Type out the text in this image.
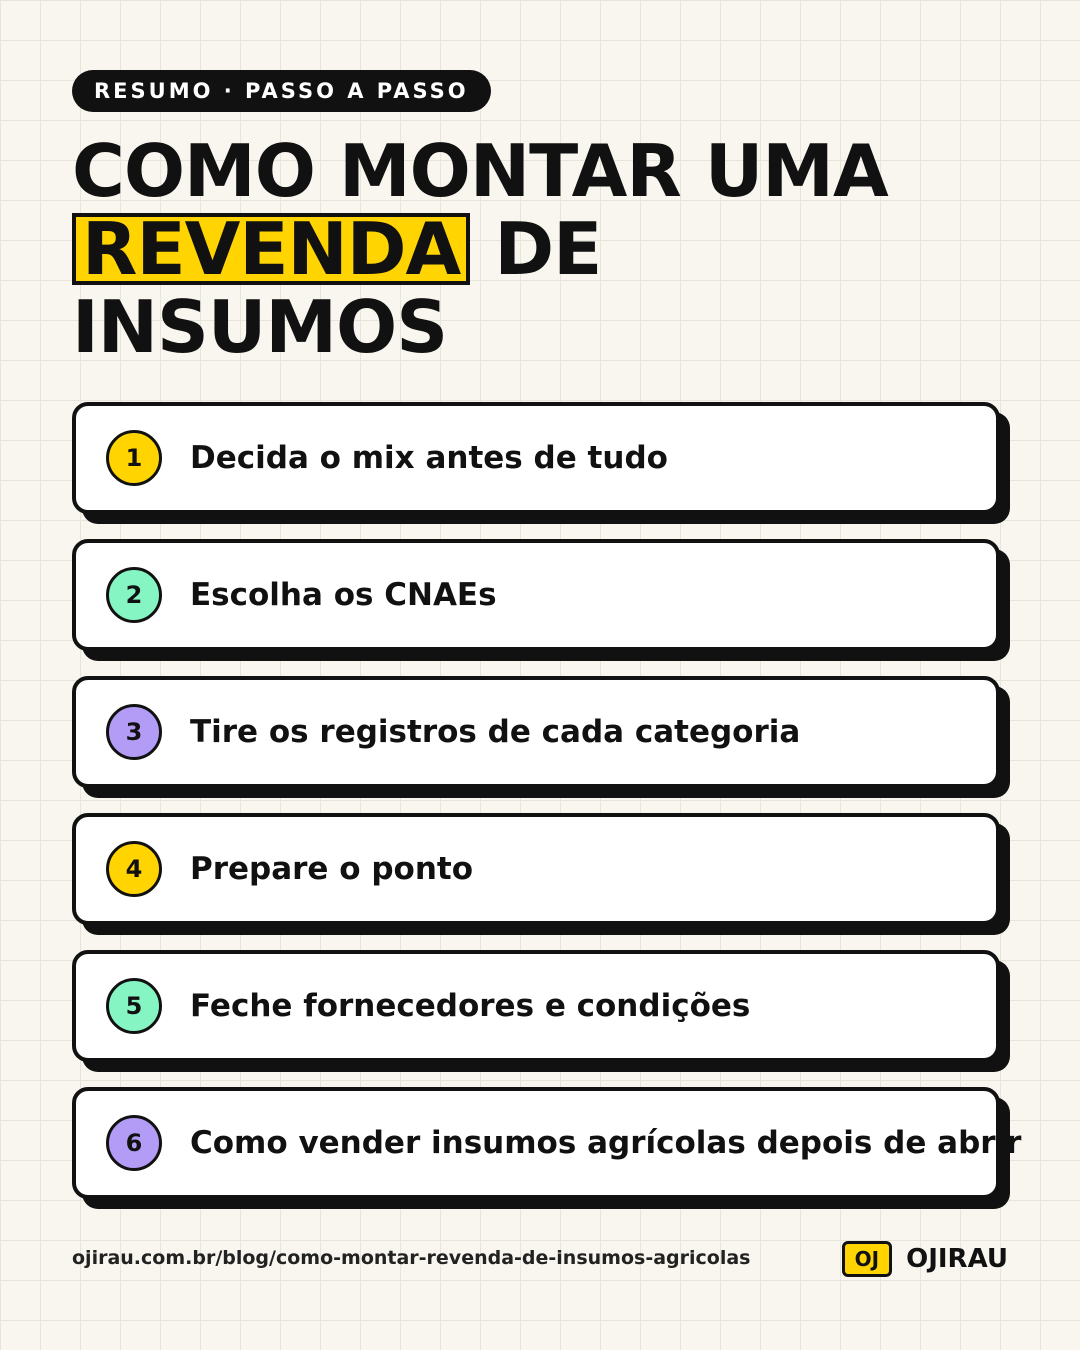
RESUMO · PASSO A PASSO
COMO MONTAR UMA
REVENDA DE
INSUMOS
1	Decida o mix antes de tudo
2	Escolha os CNAEs
3	Tire os registros de cada categoria
4	Prepare o ponto
5	Feche fornecedores e condições
6	Como vender insumos agrícolas depois de abrir
ojirau.com.br/blog/como-montar-revenda-de-insumos-agricolas	OJ	OJIRAU
